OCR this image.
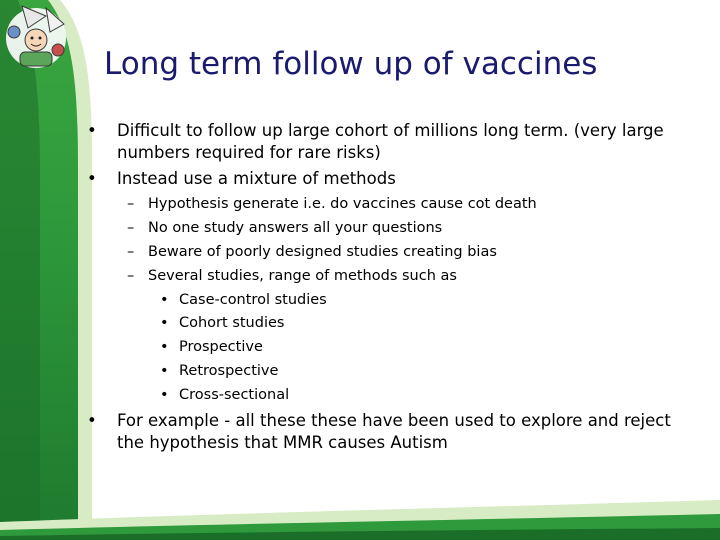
Long term follow up of vaccines
• Difficult to follow up large cohort of millions long term. (very large numbers required for rare risks)
• Instead use a mixture of methods
– Hypothesis generate i.e. do vaccines cause cot death
– No one study answers all your questions
– Beware of poorly designed studies creating bias
– Several studies, range of methods such as
• Case-control studies
• Cohort studies
• Prospective
• Retrospective
• Cross-sectional
• For example - all these these have been used to explore and reject the hypothesis that MMR causes Autism
